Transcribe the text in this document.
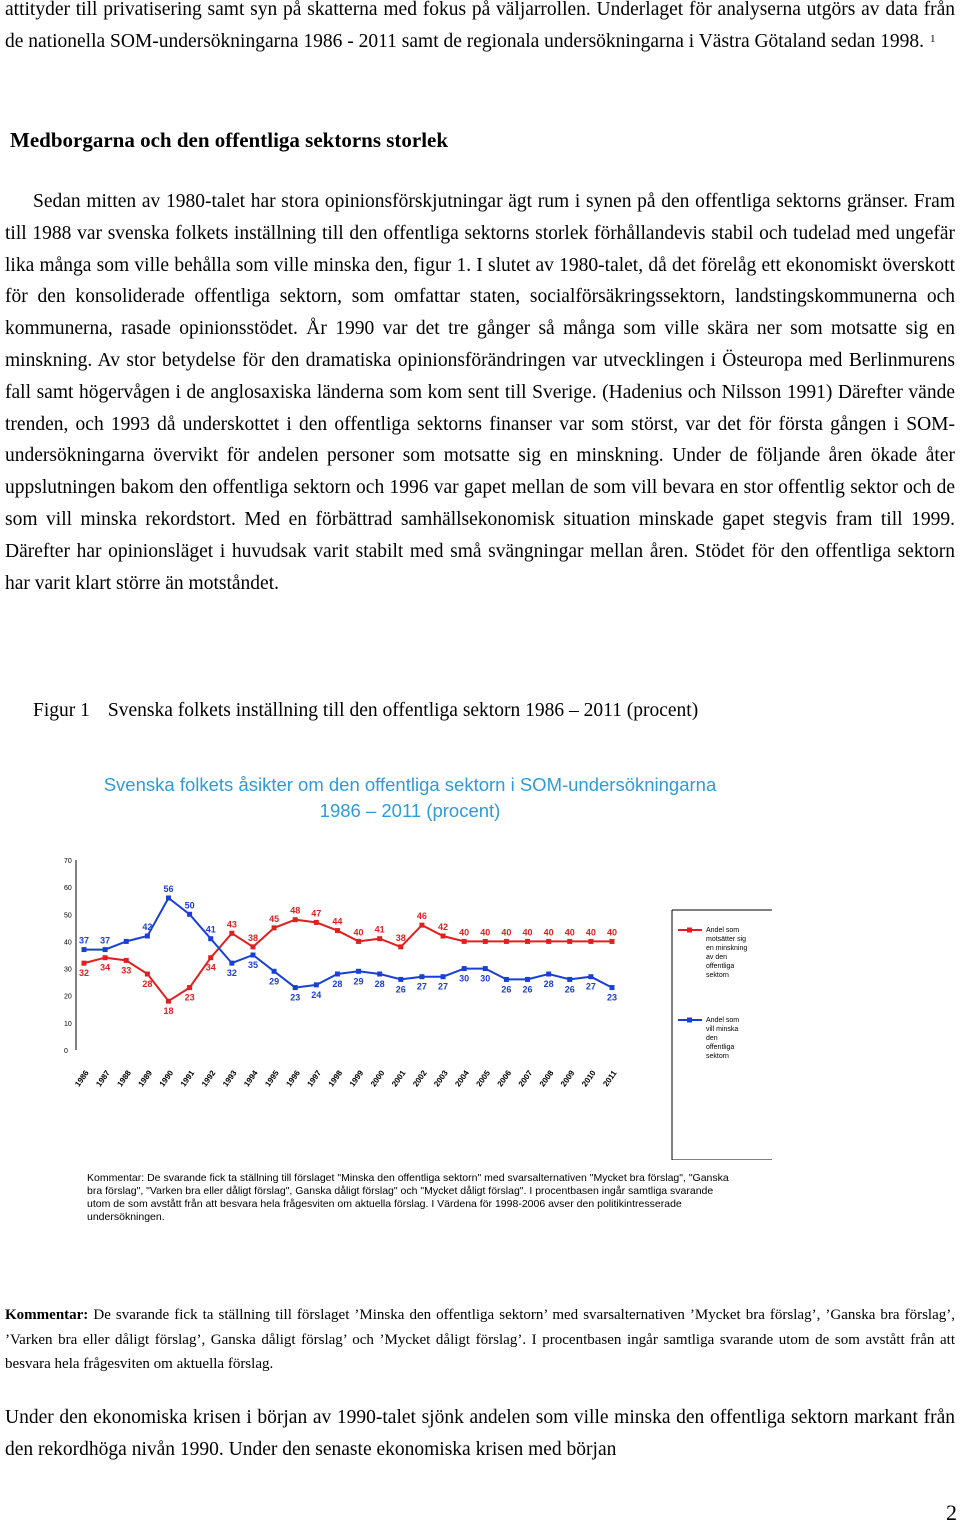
attityder till privatisering samt syn på skatterna med fokus på väljarrollen. Underlaget för analyserna utgörs av data från de nationella SOM-undersökningarna 1986 - 2011 samt de regionala undersökningarna i Västra Götaland sedan 1998. $^1$

Medborgarna och den offentliga sektorns storlek

Sedan mitten av 1980-talet har stora opinionsförskjutningar ägt rum i synen på den offentliga sektorns gränser. Fram till 1988 var svenska folkets inställning till den offentliga sektorns storlek förhållandevis stabil och tudelad med ungefär lika många som ville behålla som ville minska den, figur 1. I slutet av 1980-talet, då det förelåg ett ekonomiskt överskott för den konsoliderade offentliga sektorn, som omfattar staten, socialförsäkringssektorn, landstingskommunerna och kommunerna, rasade opinionsstödet. År 1990 var det tre gånger så många som ville skära ner som motsatte sig en minskning. Av stor betydelse för den dramatiska opinionsförändringen var utvecklingen i Östeuropa med Berlinmurens fall samt högervågen i de anglosaxiska länderna som kom sent till Sverige. (Hadenius och Nilsson 1991) Därefter vände trenden, och 1993 då underskottet i den offentliga sektorns finanser var som störst, var det för första gången i SOM-undersökningarna övervikt för andelen personer som motsatte sig en minskning. Under de följande åren ökade åter uppslutningen bakom den offentliga sektorn och 1996 var gapet mellan de som vill bevara en stor offentlig sektor och de som vill minska rekordstort. Med en förbättrad samhällsekonomisk situation minskade gapet stegvis fram till 1999. Därefter har opinionsläget i huvudsak varit stabilt med små svängningar mellan åren. Stödet för den offentliga sektorn har varit klart större än motståndet.

Figur 1 Svenska folkets inställning till den offentliga sektorn 1986 – 2011 (procent)

Svenska folkets åsikter om den offentliga sektorn i SOM-undersökningarna
1986 – 2011 (procent)
0
10
20
30
40
50
60
70
1986 1987 1988 1989 1990 1991 1992 1993 1994 1995 1996 1997 1998 1999 2000 2001 2002 2003 2004 2005 2006 2007 2008 2009 2010 2011
32
34 33
28
18
23
34
43
38
45
48 47
44
40 41
38
46
42
40 40 40 40 40 40 40 40
37 37
42
56
50
41
32
35
29
23 24
28 29 28
26 27 27
30 30
26 26
28
26 27
23
Andel som motsätter sig en minskning av den offentliga sektorn
Andel som vill minska den offentliga sektorn
Kommentar: De svarande fick ta ställning till förslaget "Minska den offentliga sektorn" med svarsalternativen "Mycket bra förslag", "Ganska bra förslag", "Varken bra eller dåligt förslag", Ganska dåligt förslag" och "Mycket dåligt förslag". I procentbasen ingår samtliga svarande utom de som avstått från att besvara hela frågesviten om aktuella förslag. I Värdena för 1998-2006 avser den politikintresserade undersökningen.

Kommentar: De svarande fick ta ställning till förslaget ’Minska den offentliga sektorn’ med svarsalternativen ’Mycket bra förslag’, ’Ganska bra förslag’, ’Varken bra eller dåligt förslag’, Ganska dåligt förslag’ och ’Mycket dåligt förslag’. I procentbasen ingår samtliga svarande utom de som avstått från att besvara hela frågesviten om aktuella förslag.

Under den ekonomiska krisen i början av 1990-talet sjönk andelen som ville minska den offentliga sektorn markant från den rekordhöga nivån 1990. Under den senaste ekonomiska krisen med början

2
